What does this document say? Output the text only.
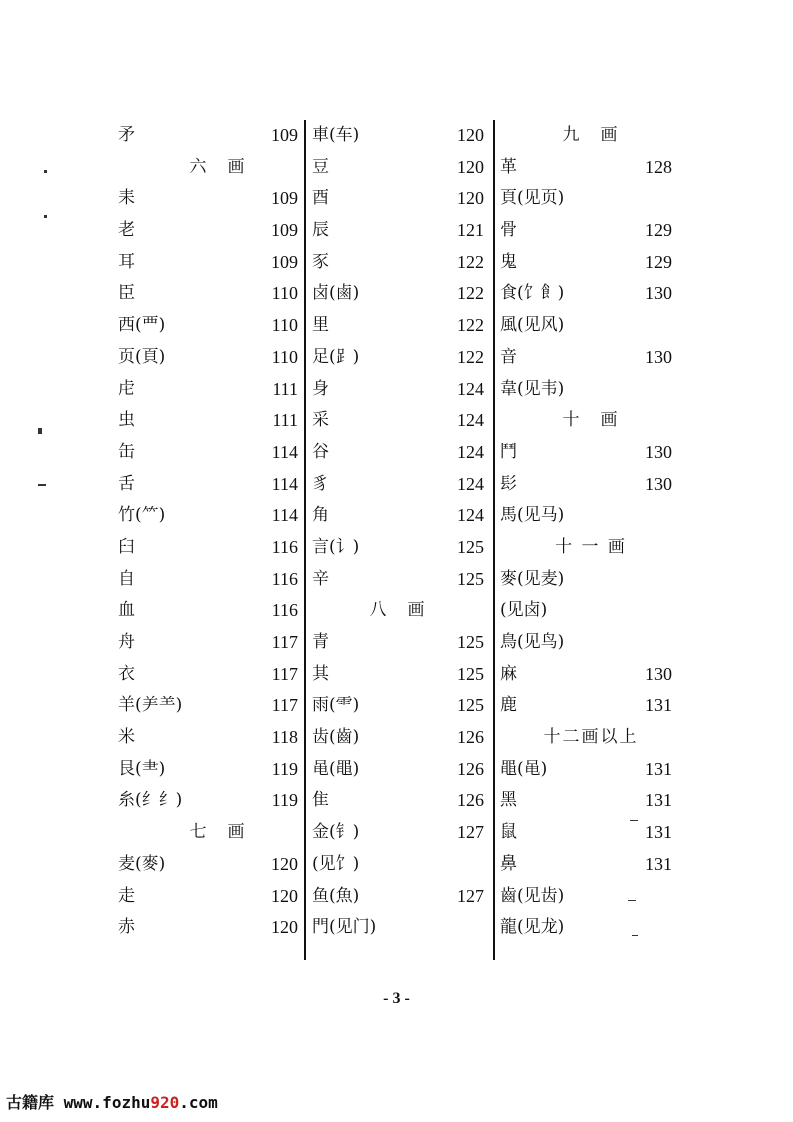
矛	109
六　画
耒	109
老	109
耳	109
臣	110
西(覀)	110
页(頁)	110
虍	111
虫	111
缶	114
舌	114
竹(⺮)	114
臼	116
自	116
血	116
舟	117
衣	117
羊(⺶⺷)	117
米	118
艮(⺻)	119
糸(纟纟)	119
七　画
麦(麥)	120
走	120
赤	120
車(车)	120
豆	120
酉	120
辰	121
豕	122
卤(鹵)	122
里	122
足(⻊)	122
身	124
采	124
谷	124
豸	124
角	124
言(讠)	125
辛	125
八　画
青	125
其	125
雨(⻗)	125
齿(齒)	126
黾(黽)	126
隹	126
金(钅)	127
(见饣)
鱼(魚)	127
門(见门)
九　画
革	128
頁(见页)
骨	129
鬼	129
食(饣飠)	130
風(见风)
音	130
韋(见韦)
十　画
鬥	130
髟	130
馬(见马)
十 一 画
麥(见麦)
(见卤)
鳥(见鸟)
麻	130
鹿	131
十二画以上
黽(黾)	131
黑	131
鼠	131
鼻	131
齒(见齿)
龍(见龙)
- 3 -
古籍库 www.fozhu920.com
